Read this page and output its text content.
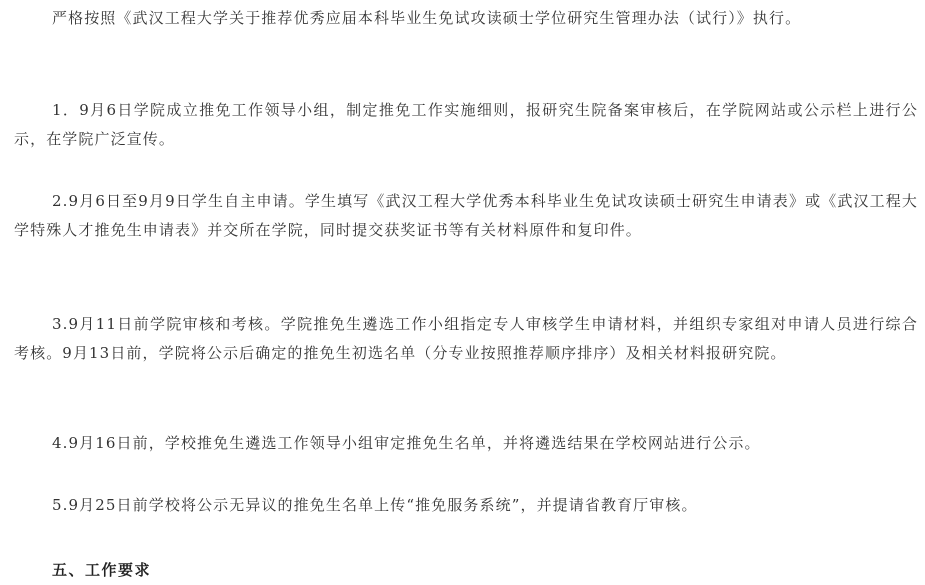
严格按照《武汉工程大学关于推荐优秀应届本科毕业生免试攻读硕士学位研究生管理办法（试行）》执行。

1．9月6日学院成立推免工作领导小组，制定推免工作实施细则，报研究生院备案审核后，在学院网站或公示栏上进行公示，在学院广泛宣传。

2.9月6日至9月9日学生自主申请。学生填写《武汉工程大学优秀本科毕业生免试攻读硕士研究生申请表》或《武汉工程大学特殊人才推免生申请表》并交所在学院，同时提交获奖证书等有关材料原件和复印件。

3.9月11日前学院审核和考核。学院推免生遴选工作小组指定专人审核学生申请材料，并组织专家组对申请人员进行综合考核。9月13日前，学院将公示后确定的推免生初选名单（分专业按照推荐顺序排序）及相关材料报研究院。

4.9月16日前，学校推免生遴选工作领导小组审定推免生名单，并将遴选结果在学校网站进行公示。

5.9月25日前学校将公示无异议的推免生名单上传“推免服务系统”，并提请省教育厅审核。

五、工作要求
